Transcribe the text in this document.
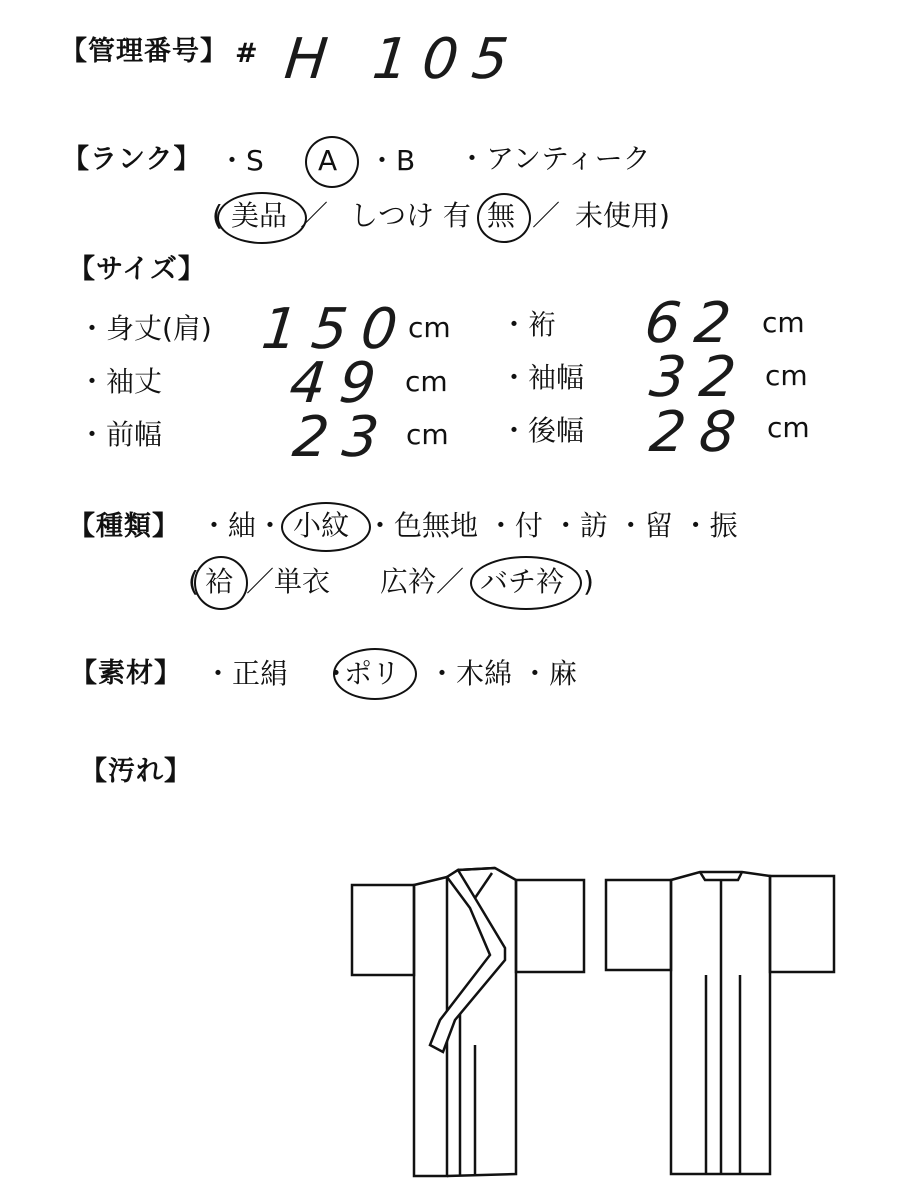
【管理番号】 # H 105
【ランク】 ・S A ・B ・アンティーク
( 美品 ／ しつけ 有 無 ／ 未使用)
【サイズ】
・身丈(肩) 150
cm
・袖丈 49 cm
・前幅 23 cm
・裄 62 cm
・袖幅 32 cm
・後幅 28 cm
【種類】 ・紬・ 小紋 ・色無地 ・付 ・訪 ・留 ・振
( 袷 ／単衣 広衿／ バチ衿 )
【素材】 ・正絹 ・
ポリ ・木綿 ・麻
【汚れ】
